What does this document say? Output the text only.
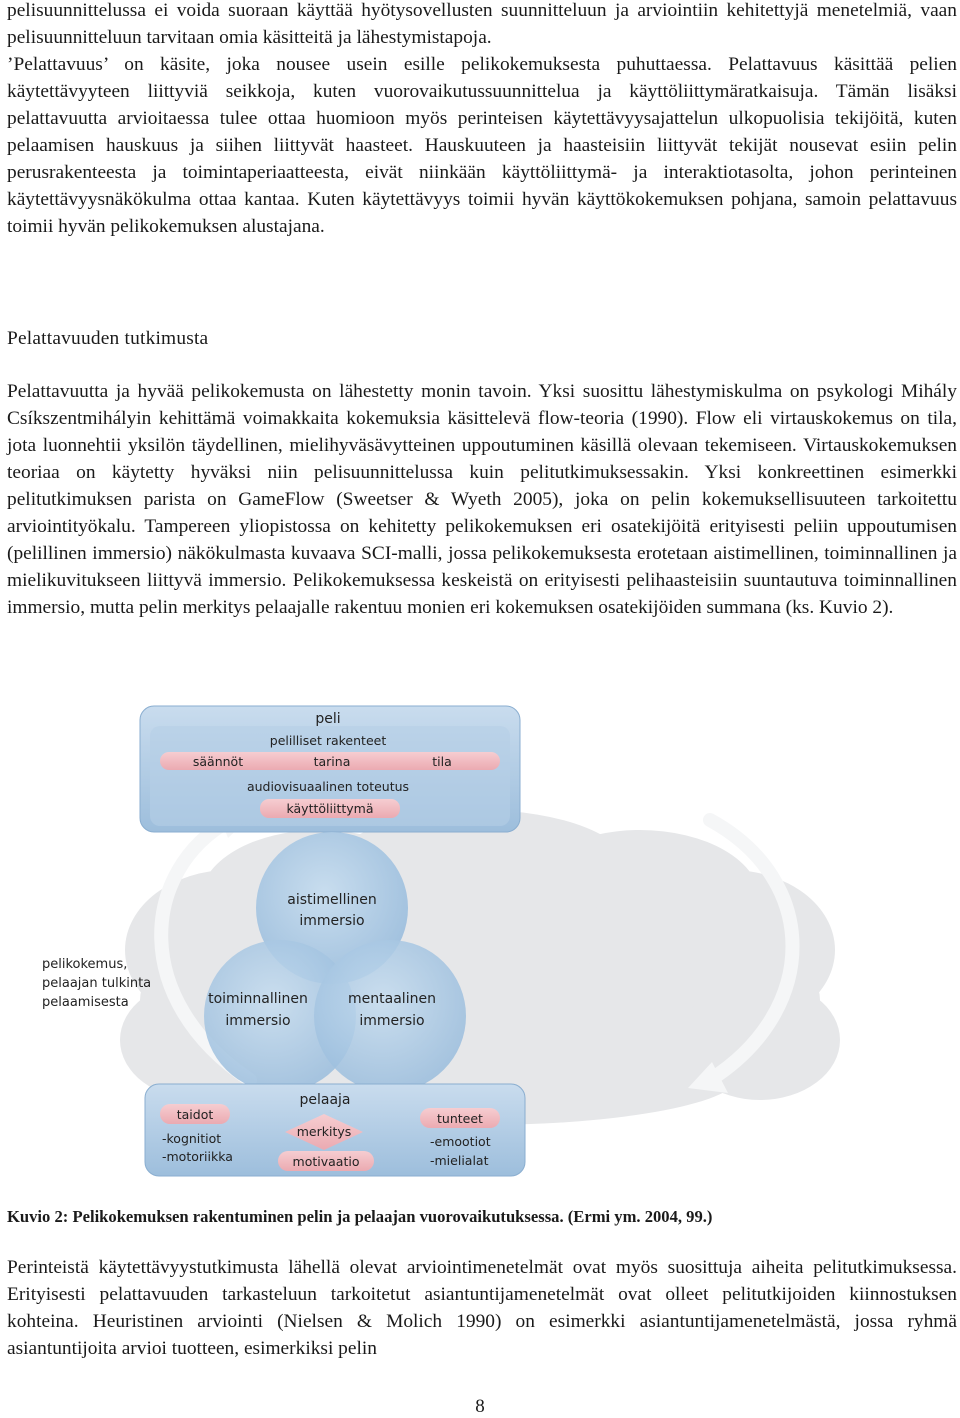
pelisuunnittelussa ei voida suoraan käyttää hyötysovellusten suunnitteluun ja arviointiin kehitettyjä menetelmiä, vaan pelisuunnitteluun tarvitaan omia käsitteitä ja lähestymistapoja.

’Pelattavuus’ on käsite, joka nousee usein esille pelikokemuksesta puhuttaessa. Pelattavuus käsittää pelien käytettävyyteen liittyviä seikkoja, kuten vuorovaikutussuunnittelua ja käyttöliittymäratkaisuja. Tämän lisäksi pelattavuutta arvioitaessa tulee ottaa huomioon myös perinteisen käytettävyysajattelun ulkopuolisia tekijöitä, kuten pelaamisen hauskuus ja siihen liittyvät haasteet. Hauskuuteen ja haasteisiin liittyvät tekijät nousevat esiin pelin perusrakenteesta ja toimintaperiaatteesta, eivät niinkään käyttöliittymä- ja interaktiotasolta, johon perinteinen käytettävyysnäkökulma ottaa kantaa. Kuten käytettävyys toimii hyvän käyttökokemuksen pohjana, samoin pelattavuus toimii hyvän pelikokemuksen alustajana.

Pelattavuuden tutkimusta

Pelattavuutta ja hyvää pelikokemusta on lähestetty monin tavoin. Yksi suosittu lähestymiskulma on psykologi Mihály Csíkszentmihályin kehittämä voimakkaita kokemuksia käsittelevä flow-teoria (1990). Flow eli virtauskokemus on tila, jota luonnehtii yksilön täydellinen, mielihyväsävytteinen uppoutuminen käsillä olevaan tekemiseen. Virtauskokemuksen teoriaa on käytetty hyväksi niin pelisuunnittelussa kuin pelitutkimuksessakin. Yksi konkreettinen esimerkki pelitutkimuksen parista on GameFlow (Sweetser & Wyeth 2005), joka on pelin kokemuksellisuuteen tarkoitettu arviointityökalu. Tampereen yliopistossa on kehitetty pelikokemuksen eri osatekijöitä erityisesti peliin uppoutumisen (pelillinen immersio) näkökulmasta kuvaava SCI-malli, jossa pelikokemuksesta erotetaan aistimellinen, toiminnallinen ja mielikuvitukseen liittyvä immersio. Pelikokemuksessa keskeistä on erityisesti pelihaasteisiin suuntautuva toiminnallinen immersio, mutta pelin merkitys pelaajalle rakentuu monien eri kokemuksen osatekijöiden summana (ks. Kuvio 2).

peli
pelilliset rakenteet
säännöt	tarina	tila
audiovisuaalinen toteutus
käyttöliittymä
aistimellinen
immersio
toiminnallinen
immersio
mentaalinen
immersio
pelikokemus,
pelaajan tulkinta
pelaamisesta
pelaaja
taidot
-kognitiot
-motoriikka
merkitys
motivaatio
tunteet
-emootiot
-mielialat

Kuvio 2: Pelikokemuksen rakentuminen pelin ja pelaajan vuorovaikutuksessa. (Ermi ym. 2004, 99.)

Perinteistä käytettävyystutkimusta lähellä olevat arviointimenetelmät ovat myös suosittuja aiheita pelitutkimuksessa. Erityisesti pelattavuuden tarkasteluun tarkoitetut asiantuntijamenetelmät ovat olleet pelitutkijoiden kiinnostuksen kohteina. Heuristinen arviointi (Nielsen & Molich 1990) on esimerkki asiantuntijamenetelmästä, jossa ryhmä asiantuntijoita arvioi tuotteen, esimerkiksi pelin

8
